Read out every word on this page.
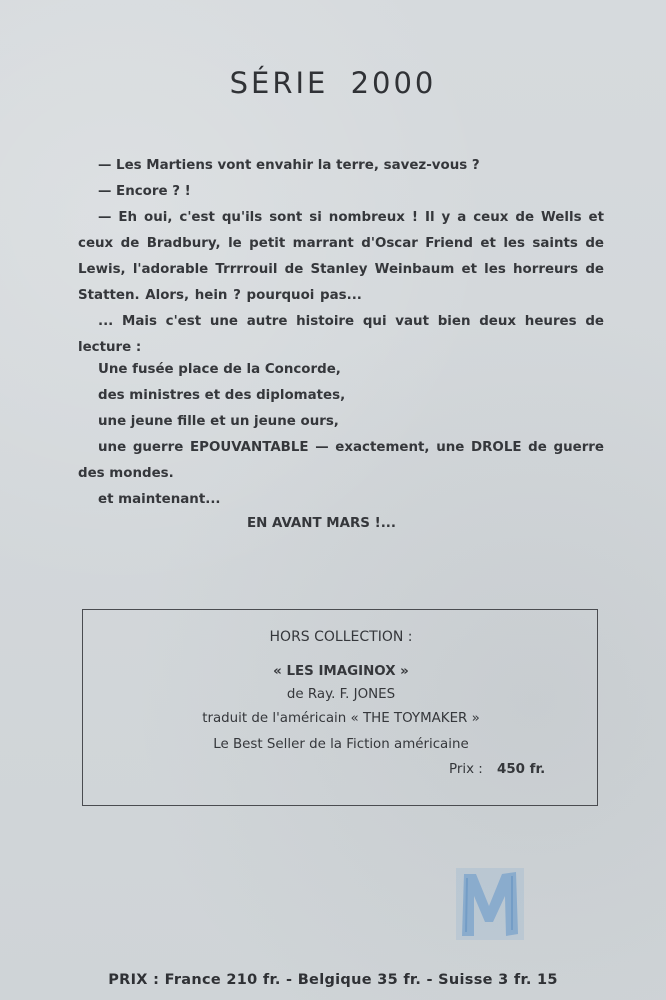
SÉRIE 2000
— Les Martiens vont envahir la terre, savez-vous ?
— Encore ? !
— Eh oui, c'est qu'ils sont si nombreux ! Il y a ceux de Wells et ceux de Bradbury, le petit marrant d'Oscar Friend et les saints de Lewis, l'adorable Trrrrouil de Stanley Weinbaum et les horreurs de Statten. Alors, hein ? pourquoi pas...
... Mais c'est une autre histoire qui vaut bien deux heures de lecture :
Une fusée place de la Concorde,
des ministres et des diplomates,
une jeune fille et un jeune ours,
une guerre EPOUVANTABLE — exactement, une DROLE de guerre des mondes.
et maintenant...
EN AVANT MARS !...
HORS COLLECTION :
« LES IMAGINOX »
de Ray. F. JONES
traduit de l'américain « THE TOYMAKER »
Le Best Seller de la Fiction américaine
Prix : 450 fr.
PRIX : France 210 fr. - Belgique 35 fr. - Suisse 3 fr. 15
